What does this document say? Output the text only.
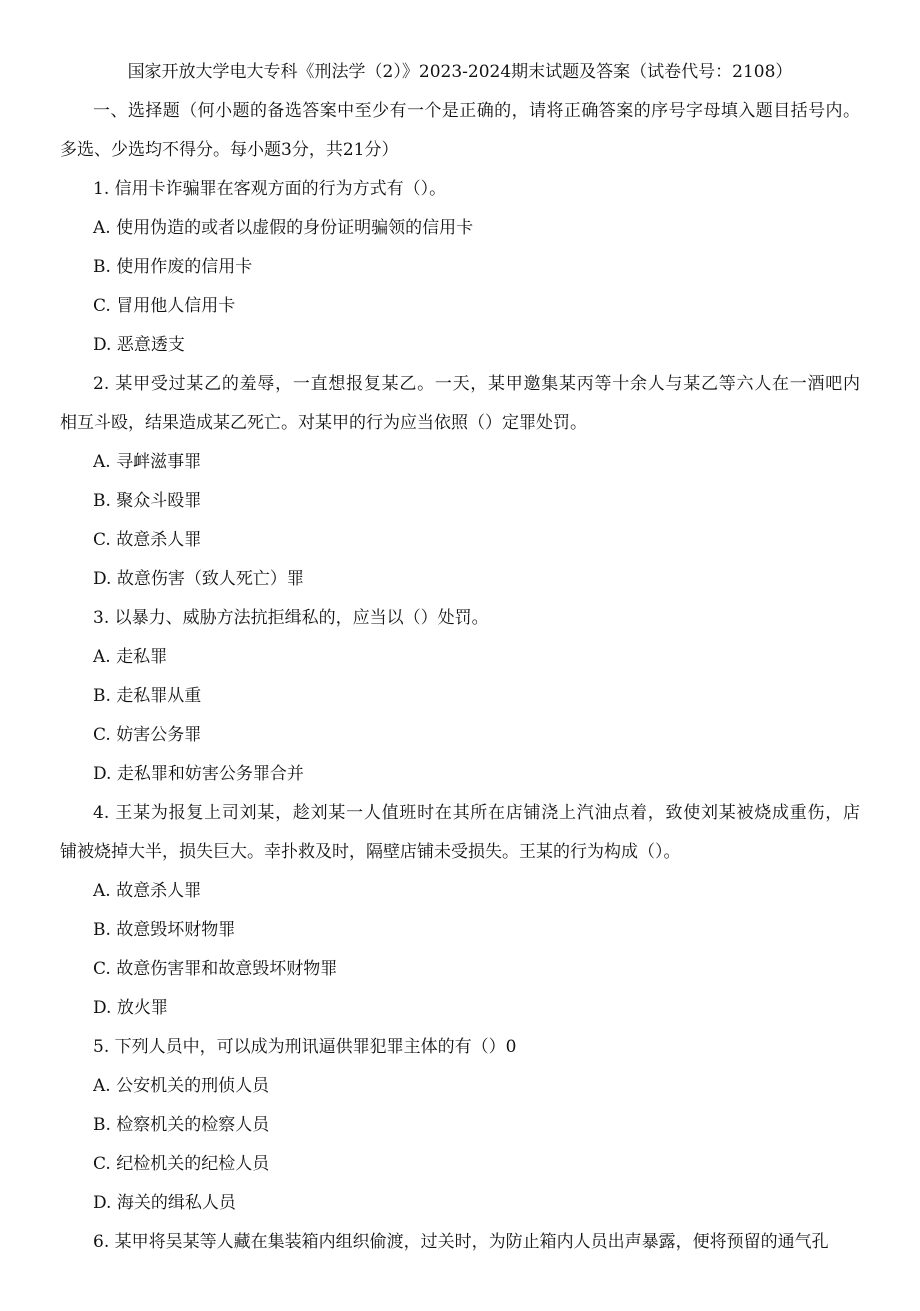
国家开放大学电大专科《刑法学（2）》2023-2024期末试题及答案（试卷代号：2108）
一、选择题（何小题的备选答案中至少有一个是正确的，请将正确答案的序号字母填入题目括号内。
多选、少选均不得分。每小题3分，共21分）
1. 信用卡诈骗罪在客观方面的行为方式有（）。
A. 使用伪造的或者以虚假的身份证明骗领的信用卡
B. 使用作废的信用卡
C. 冒用他人信用卡
D. 恶意透支
2. 某甲受过某乙的羞辱，一直想报复某乙。一天，某甲邀集某丙等十余人与某乙等六人在一酒吧内
相互斗殴，结果造成某乙死亡。对某甲的行为应当依照（）定罪处罚。
A. 寻衅滋事罪
B. 聚众斗殴罪
C. 故意杀人罪
D. 故意伤害（致人死亡）罪
3. 以暴力、威胁方法抗拒缉私的，应当以（）处罚。
A. 走私罪
B. 走私罪从重
C. 妨害公务罪
D. 走私罪和妨害公务罪合并
4. 王某为报复上司刘某，趁刘某一人值班时在其所在店铺浇上汽油点着，致使刘某被烧成重伤，店
铺被烧掉大半，损失巨大。幸扑救及时，隔壁店铺未受损失。王某的行为构成（）。
A. 故意杀人罪
B. 故意毁坏财物罪
C. 故意伤害罪和故意毁坏财物罪
D. 放火罪
5. 下列人员中，可以成为刑讯逼供罪犯罪主体的有（）0
A. 公安机关的刑侦人员
B. 检察机关的检察人员
C. 纪检机关的纪检人员
D. 海关的缉私人员
6. 某甲将吴某等人藏在集装箱内组织偷渡，过关时，为防止箱内人员出声暴露，便将预留的通气孔
